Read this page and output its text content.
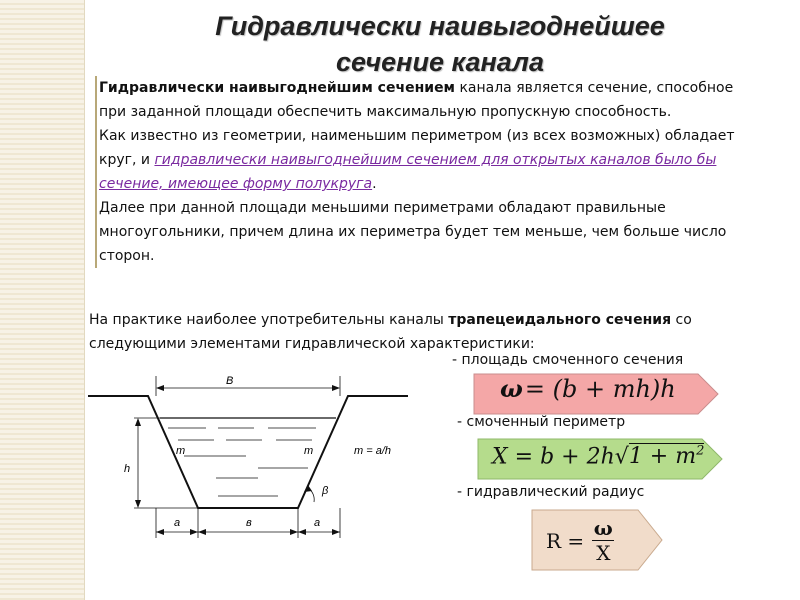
Гидравлически наивыгоднейшее
сечение канала
Гидравлически наивыгоднейшим сечением канала является сечение, способное при заданной площади обеспечить максимальную пропускную способность.
Как известно из геометрии, наименьшим периметром (из всех возможных) обладает круг, и гидравлически наивыгоднейшим сечением для открытых каналов было бы сечение, имеющее форму полукруга.
Далее при данной площади меньшими периметрами обладают правильные многоугольники, причем длина их периметра будет тем меньше, чем больше число сторон.
На практике наиболее употребительны каналы трапецеидального сечения со следующими элементами гидравлической характеристики:
- площадь смоченного сечения
- смоченный периметр
- гидравлический радиус
ω= (b + mh)h
$X = b + 2h√1 + m^2$
$R = \frac{\omega}{X}$
B
h
m	m	m = a/h
β
a	в	a
